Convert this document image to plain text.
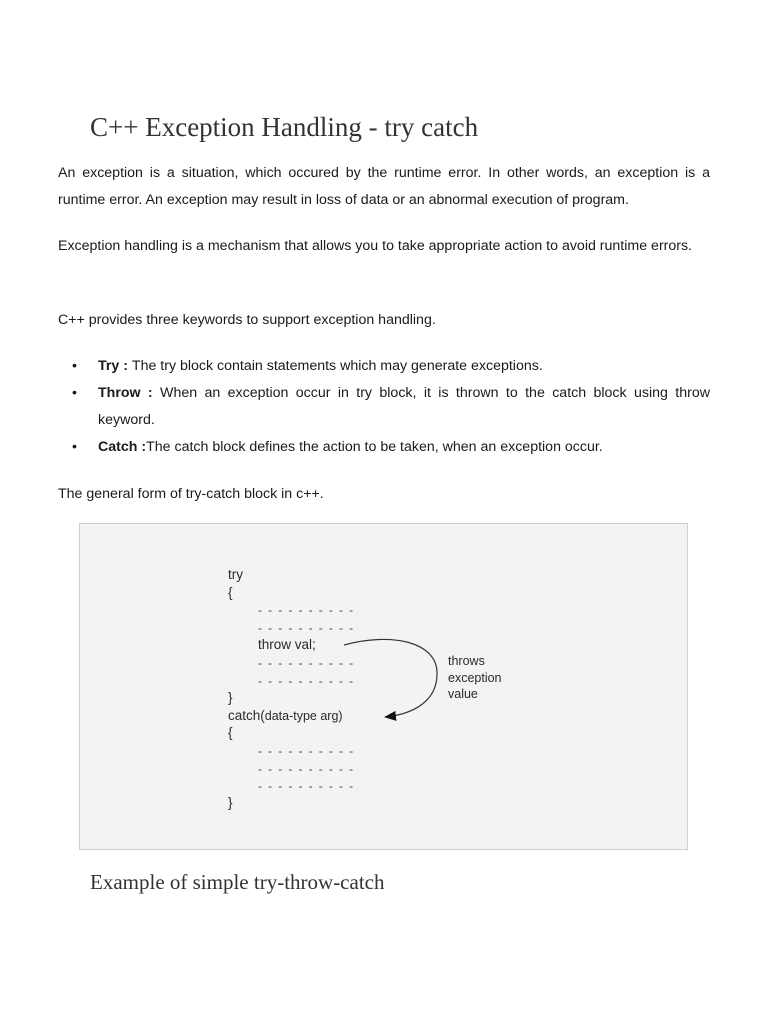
C++ Exception Handling - try catch

An exception is a situation, which occured by the runtime error. In other words, an exception is a runtime error. An exception may result in loss of data or an abnormal execution of program.

Exception handling is a mechanism that allows you to take appropriate action to avoid runtime errors.

C++ provides three keywords to support exception handling.

• Try : The try block contain statements which may generate exceptions.
• Throw : When an exception occur in try block, it is thrown to the catch block using throw keyword.
• Catch :The catch block defines the action to be taken, when an exception occur.

The general form of try-catch block in c++.

try
{
- - - - - - - - - -
- - - - - - - - - -
throw val;
- - - - - - - - - -
- - - - - - - - - -
}
catch(data-type arg)
{
- - - - - - - - - -
- - - - - - - - - -
- - - - - - - - - -
}
throws
exception
value
Example of simple try-throw-catch
